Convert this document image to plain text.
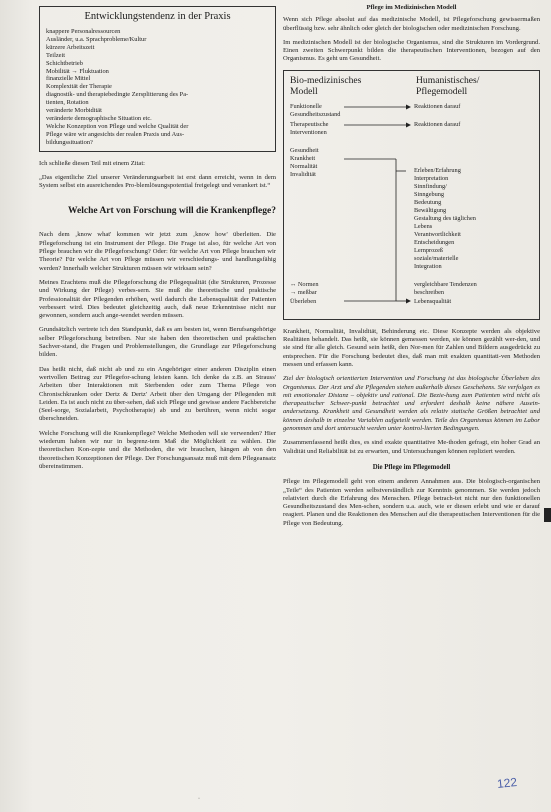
Entwicklungstendenz in der Praxis
knappere Personalressourcen
Ausländer, u.a. Sprachprobleme/Kultur
kürzere Arbeitszeit
Teilzeit
Schichtbetrieb
Mobilität → Fluktuation
finanzielle Mittel
Komplexität der Therapie
diagnostik- und therapiebedingte Zersplitterung des Pa-
tienten, Rotation
veränderte Morbidität
veränderte demographische Situation etc.
Welche Konzeption von Pflege und welche Qualität der
Pflege wäre wir angesichts der realen Praxis und Aus-
bildungssituation?

Ich schließe diesen Teil mit einem Zitat:

„Das eigentliche Ziel unserer Veränderungsarbeit ist erst dann erreicht, wenn in dem System selbst ein ausreichendes Pro-blemlösungspotential freigelegt und verankert ist.“

Welche Art von Forschung will die Krankenpflege?

Nach dem ‚know what' kommen wir jetzt zum ‚know how' überleiten. Die Pflegeforschung ist ein Instrument der Pflege. Die Frage ist also, für welche Art von Pflege brauchen wir die Pflegeforschung? Oder: für welche Art von Pflege brauchen wir Theorie? Für welche Art von Pflege müssen wir verschiedungs- und handlungsfähig werden? Innerhalb welcher Strukturen müssen wir wirksam sein?

Meines Erachtens muß die Pflegeforschung die Pflegequalität (die Strukturen, Prozesse und Wirkung der Pflege) verbes-sern. Sie muß die theoretische und praktische Professionalität der Pflegenden erhöhen, weil dadurch die Lebensqualität der Patienten verbessert wird. Dies bedeutet gleichzeitig auch, daß neue Erkenntnisse nicht nur gewonnen, sondern auch ange-wendet werden müssen.

Grundsätzlich vertrete ich den Standpunkt, daß es am besten ist, wenn Berufsangehörige selber Pflegeforschung betreiben. Nur sie haben den theoretischen und praktischen Sachver-stand, die Fragen und Problemstellungen, die Grundlage zur Pflegeforschung bilden.

Das heißt nicht, daß nicht ab und zu ein Angehöriger einer anderen Disziplin einen wertvollen Beitrag zur Pflegefor-schung leisten kann. Ich denke da z.B. an Strauss' Arbeiten über Interaktionen mit Sterbenden oder zum Thema Pflege von Chronischkranken oder Dertz & Dertz' Arbeit über den Umgang der Pflegenden mit Leiden. Es ist auch nicht zu über-sehen, daß sich Pflege und gewisse andere Fachbereiche (Seel-sorge, Sozialarbeit, Psychotherapie) ab und zu berühren, wenn nicht sogar überschneiden.

Welche Forschung will die Krankenpflege? Welche Methoden will sie verwenden? Hier wiederum haben wir nur in begrenz-tem Maß die Möglichkeit zu wählen. Die theoretischen Kon-zepte und die Methoden, die wir brauchen, hängen ab von den theoretischen Konzeptionen der Pflege. Der Forschungsansatz muß mit dem Pflegeansatz übereinstimmen.

Pflege im Medizinischen Modell

Wenn sich Pflege absolut auf das medizinische Modell, ist Pflegeforschung gewissermaßen überflüssig bzw. sehr ähnlich oder gleich der biologischen oder medizinischen Forschung.

Im medizinischen Modell ist der biologische Organismus, sind die Strukturen im Vordergrund. Einen zweiten Schwerpunkt bilden die therapeutischen Interventionen, bezogen auf den Organismus. Es geht um Gesundheit.

Bio-medizinisches
Modell
Humanistisches/
Pflegemodell
Funktionelle
Gesundheitszustand
Therapeutische
Interventionen
Gesundheit
Krankheit
Normalität
Invalidität
↔ Normen
→ meßbar
Überleben
Reaktionen darauf
Reaktionen darauf
Erleben/Erfahrung
Interpretation
Sinnfindung/
Sinngebung
Bedeutung
Bewältigung
Gestaltung des täglichen
Lebens
Verantwortlichkeit
Entscheidungen
Lernprozeß
soziale/materielle
Integration
vergleichbare Tendenzen
beschreiben
Lebensqualität

Krankheit, Normalität, Invalidität, Behinderung etc. Diese Konzepte werden als objektive Realitäten behandelt. Das heißt, sie können gemessen werden, sie können gezählt wer-den, und sie sind für alle gleich. Gesund sein heißt, den Nor-men für Zahlen und Bildern ausgedrückt zu entsprechen. Für die Forschung bedeutet dies, daß man mit exakten quantitati-ven Methoden messen und erfassen kann.

Ziel der biologisch orientierten Intervention und Forschung ist das biologische Überleben des Organismus. Der Arzt und die Pflegenden stehen außerhalb dieses Geschehens. Sie verfolgen es mit emotionaler Distanz – objektiv und rational. Die Bezie-hung zum Patienten wird nicht als therapeutischer Schwer-punkt betrachtet und erfordert deshalb keine nähere Ausein-andersetzung. Krankheit und Gesundheit werden als relativ statische Größen betrachtet und können deshalb in einzelne Variablen aufgeteilt werden. Teile des Organismus können im Labor genommen und dort untersucht werden unter kontrol-lierten Bedingungen.

Zusammenfassend heißt dies, es sind exakte quantitative Me-thoden gefragt, ein hoher Grad an Validität und Reliabilität ist zu erwarten, und Untersuchungen können repliziert werden.

Die Pflege im Pflegemodell

Pflege im Pflegemodell geht von einem anderen Annahmen aus. Die biologisch-organischen „Teile“ des Patienten werden selbstverständlich zur Kenntnis genommen. Sie werden jedoch relativiert durch die Erfahrung des Menschen. Pflege betrach-tet nicht nur den funktionellen Gesundheitszustand des Men-schen, sondern u.a. auch, wie er diesen erlebt und wie er darauf reagiert. Planen und die Reaktionen des Menschen auf die therapeutischen Interventionen für die Pflege von Bedeutung.

·
122
